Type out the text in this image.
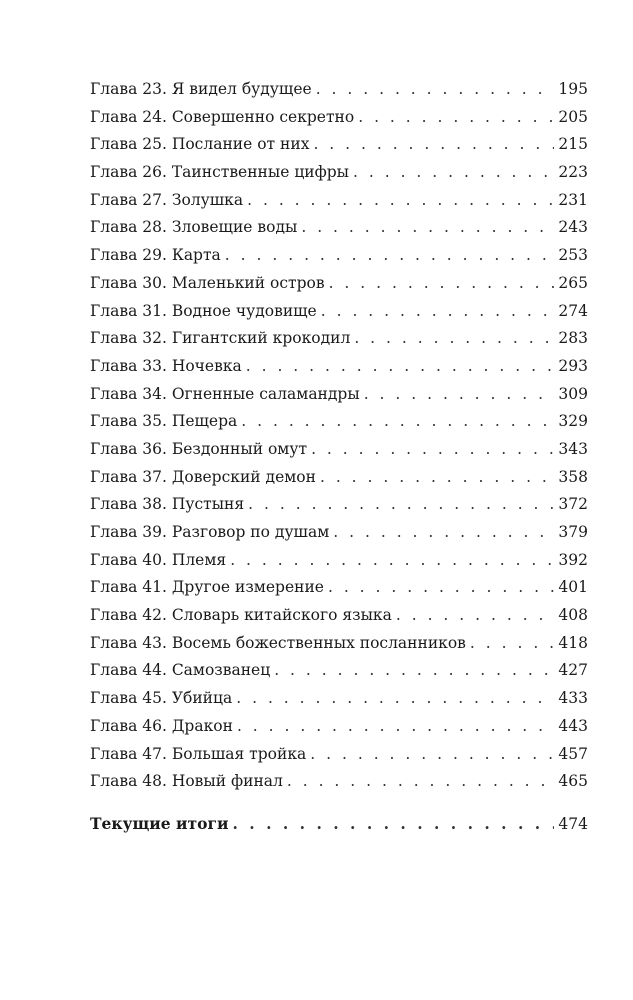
Глава 23. Я видел будущее . . .	195
Глава 24. Совершенно секретно . . .	205
Глава 25. Послание от них . . .	215
Глава 26. Таинственные цифры . . .	223
Глава 27. Золушка . . .	231
Глава 28. Зловещие воды . . .	243
Глава 29. Карта . . .	253
Глава 30. Маленький остров . . .	265
Глава 31. Водное чудовище . . .	274
Глава 32. Гигантский крокодил . . .	283
Глава 33. Ночевка . . .	293
Глава 34. Огненные саламандры . . .	309
Глава 35. Пещера . . .	329
Глава 36. Бездонный омут . . .	343
Глава 37. Доверский демон . . .	358
Глава 38. Пустыня . . .	372
Глава 39. Разговор по душам . . .	379
Глава 40. Племя . . .	392
Глава 41. Другое измерение . . .	401
Глава 42. Словарь китайского языка . . .	408
Глава 43. Восемь божественных посланников . . .	418
Глава 44. Самозванец . . .	427
Глава 45. Убийца . . .	433
Глава 46. Дракон . . .	443
Глава 47. Большая тройка . . .	457
Глава 48. Новый финал . . .	465
Текущие итоги . . .	474
